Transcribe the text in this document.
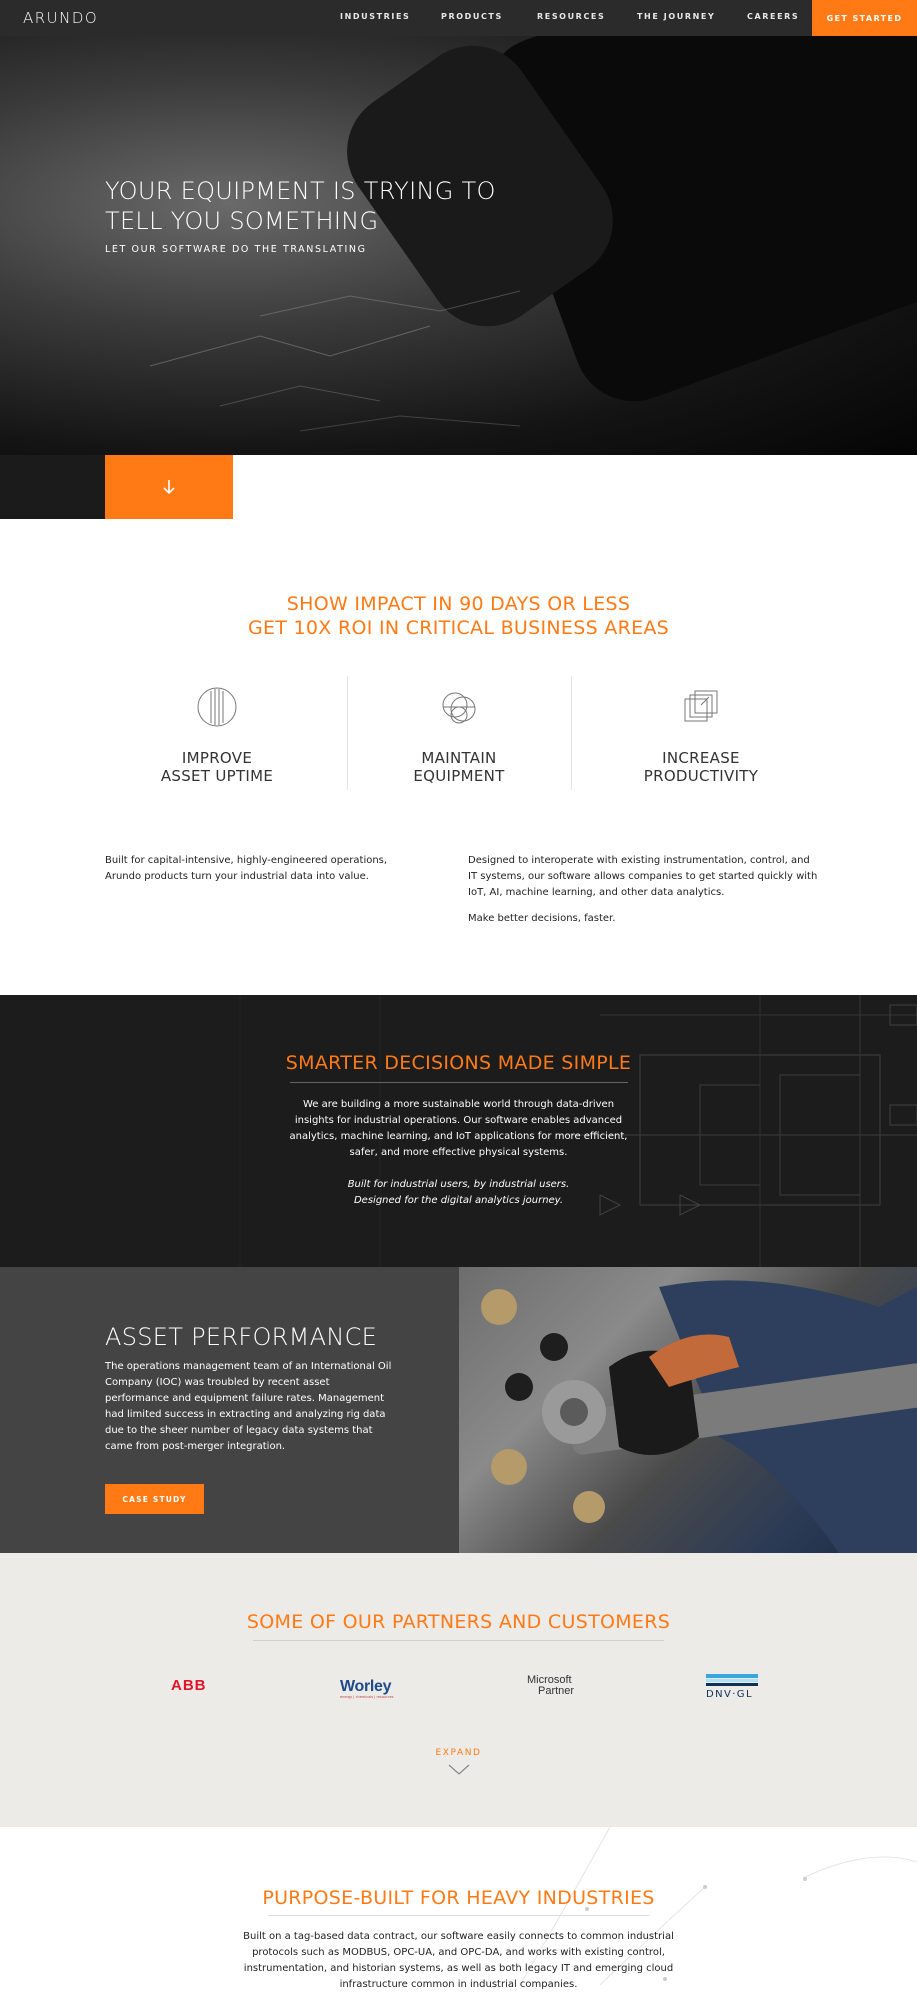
ARUNDO	INDUSTRIES	PRODUCTS	RESOURCES	THE JOURNEY	CAREERS	GET STARTED
YOUR EQUIPMENT IS TRYING TO
TELL YOU SOMETHING
LET OUR SOFTWARE DO THE TRANSLATING
SHOW IMPACT IN 90 DAYS OR LESS
GET 10X ROI IN CRITICAL BUSINESS AREAS
IMPROVE
ASSET UPTIME
MAINTAIN
EQUIPMENT
INCREASE
PRODUCTIVITY
Built for capital-intensive, highly-engineered operations, Arundo products turn your industrial data into value.
Designed to interoperate with existing instrumentation, control, and IT systems, our software allows companies to get started quickly with IoT, AI, machine learning, and other data analytics.
Make better decisions, faster.
SMARTER DECISIONS MADE SIMPLE
We are building a more sustainable world through data-driven insights for industrial operations. Our software enables advanced analytics, machine learning, and IoT applications for more efficient, safer, and more effective physical systems.
Built for industrial users, by industrial users.
Designed for the digital analytics journey.
ASSET PERFORMANCE
The operations management team of an International Oil Company (IOC) was troubled by recent asset performance and equipment failure rates. Management had limited success in extracting and analyzing rig data due to the sheer number of legacy data systems that came from post-merger integration.
CASE STUDY
SOME OF OUR PARTNERS AND CUSTOMERS
ABB	Worley
energy | chemicals | resources
Microsoft
Partner	DNV·GL
EXPAND
PURPOSE-BUILT FOR HEAVY INDUSTRIES
Built on a tag-based data contract, our software easily connects to common industrial protocols such as MODBUS, OPC-UA, and OPC-DA, and works with existing control, instrumentation, and historian systems, as well as both legacy IT and emerging cloud infrastructure common in industrial companies.
